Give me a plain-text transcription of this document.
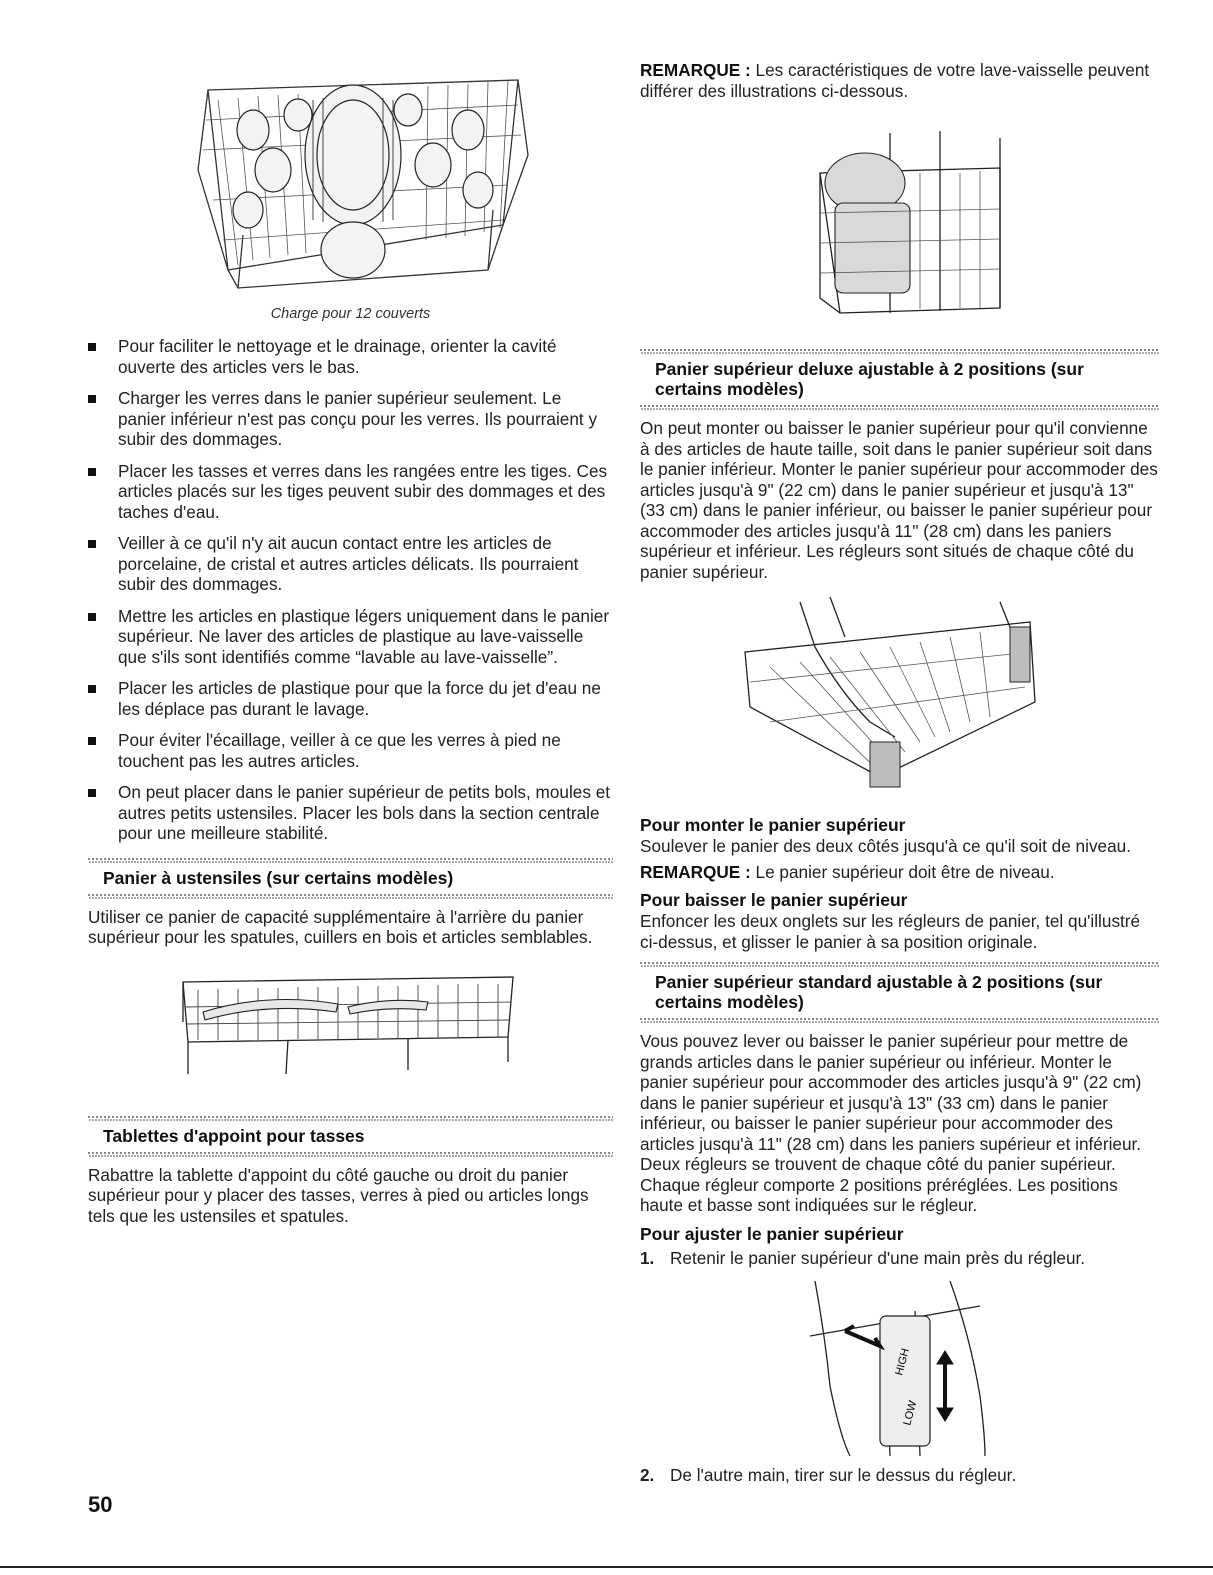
Charge pour 12 couverts
Pour faciliter le nettoyage et le drainage, orienter la cavité ouverte des articles vers le bas.
Charger les verres dans le panier supérieur seulement. Le panier inférieur n'est pas conçu pour les verres. Ils pourraient y subir des dommages.
Placer les tasses et verres dans les rangées entre les tiges. Ces articles placés sur les tiges peuvent subir des dommages et des taches d'eau.
Veiller à ce qu'il n'y ait aucun contact entre les articles de porcelaine, de cristal et autres articles délicats. Ils pourraient subir des dommages.
Mettre les articles en plastique légers uniquement dans le panier supérieur. Ne laver des articles de plastique au lave-vaisselle que s'ils sont identifiés comme “lavable au lave-vaisselle”.
Placer les articles de plastique pour que la force du jet d'eau ne les déplace pas durant le lavage.
Pour éviter l'écaillage, veiller à ce que les verres à pied ne touchent pas les autres articles.
On peut placer dans le panier supérieur de petits bols, moules et autres petits ustensiles. Placer les bols dans la section centrale pour une meilleure stabilité.
Panier à ustensiles (sur certains modèles)

Utiliser ce panier de capacité supplémentaire à l'arrière du panier supérieur pour les spatules, cuillers en bois et articles semblables.

Tablettes d'appoint pour tasses

Rabattre la tablette d'appoint du côté gauche ou droit du panier supérieur pour y placer des tasses, verres à pied ou articles longs tels que les ustensiles et spatules.

REMARQUE : Les caractéristiques de votre lave-vaisselle peuvent différer des illustrations ci-dessous.

Panier supérieur deluxe ajustable à 2 positions (sur certains modèles)

On peut monter ou baisser le panier supérieur pour qu'il convienne à des articles de haute taille, soit dans le panier supérieur soit dans le panier inférieur. Monter le panier supérieur pour accommoder des articles jusqu'à 9" (22 cm) dans le panier supérieur et jusqu'à 13" (33 cm) dans le panier inférieur, ou baisser le panier supérieur pour accommoder des articles jusqu'à 11" (28 cm) dans les paniers supérieur et inférieur. Les régleurs sont situés de chaque côté du panier supérieur.

Pour monter le panier supérieur

Soulever le panier des deux côtés jusqu'à ce qu'il soit de niveau.

REMARQUE : Le panier supérieur doit être de niveau.

Pour baisser le panier supérieur

Enfoncer les deux onglets sur les régleurs de panier, tel qu'illustré ci-dessus, et glisser le panier à sa position originale.

Panier supérieur standard ajustable à 2 positions (sur certains modèles)

Vous pouvez lever ou baisser le panier supérieur pour mettre de grands articles dans le panier supérieur ou inférieur. Monter le panier supérieur pour accommoder des articles jusqu'à 9" (22 cm) dans le panier supérieur et jusqu'à 13" (33 cm) dans le panier inférieur, ou baisser le panier supérieur pour accommoder des articles jusqu'à 11" (28 cm) dans les paniers supérieur et inférieur. Deux régleurs se trouvent de chaque côté du panier supérieur. Chaque régleur comporte 2 positions préréglées. Les positions haute et basse sont indiquées sur le régleur.

Pour ajuster le panier supérieur
1. Retenir le panier supérieur d'une main près du régleur.
HIGH
LOW
2. De l'autre main, tirer sur le dessus du régleur.
50
